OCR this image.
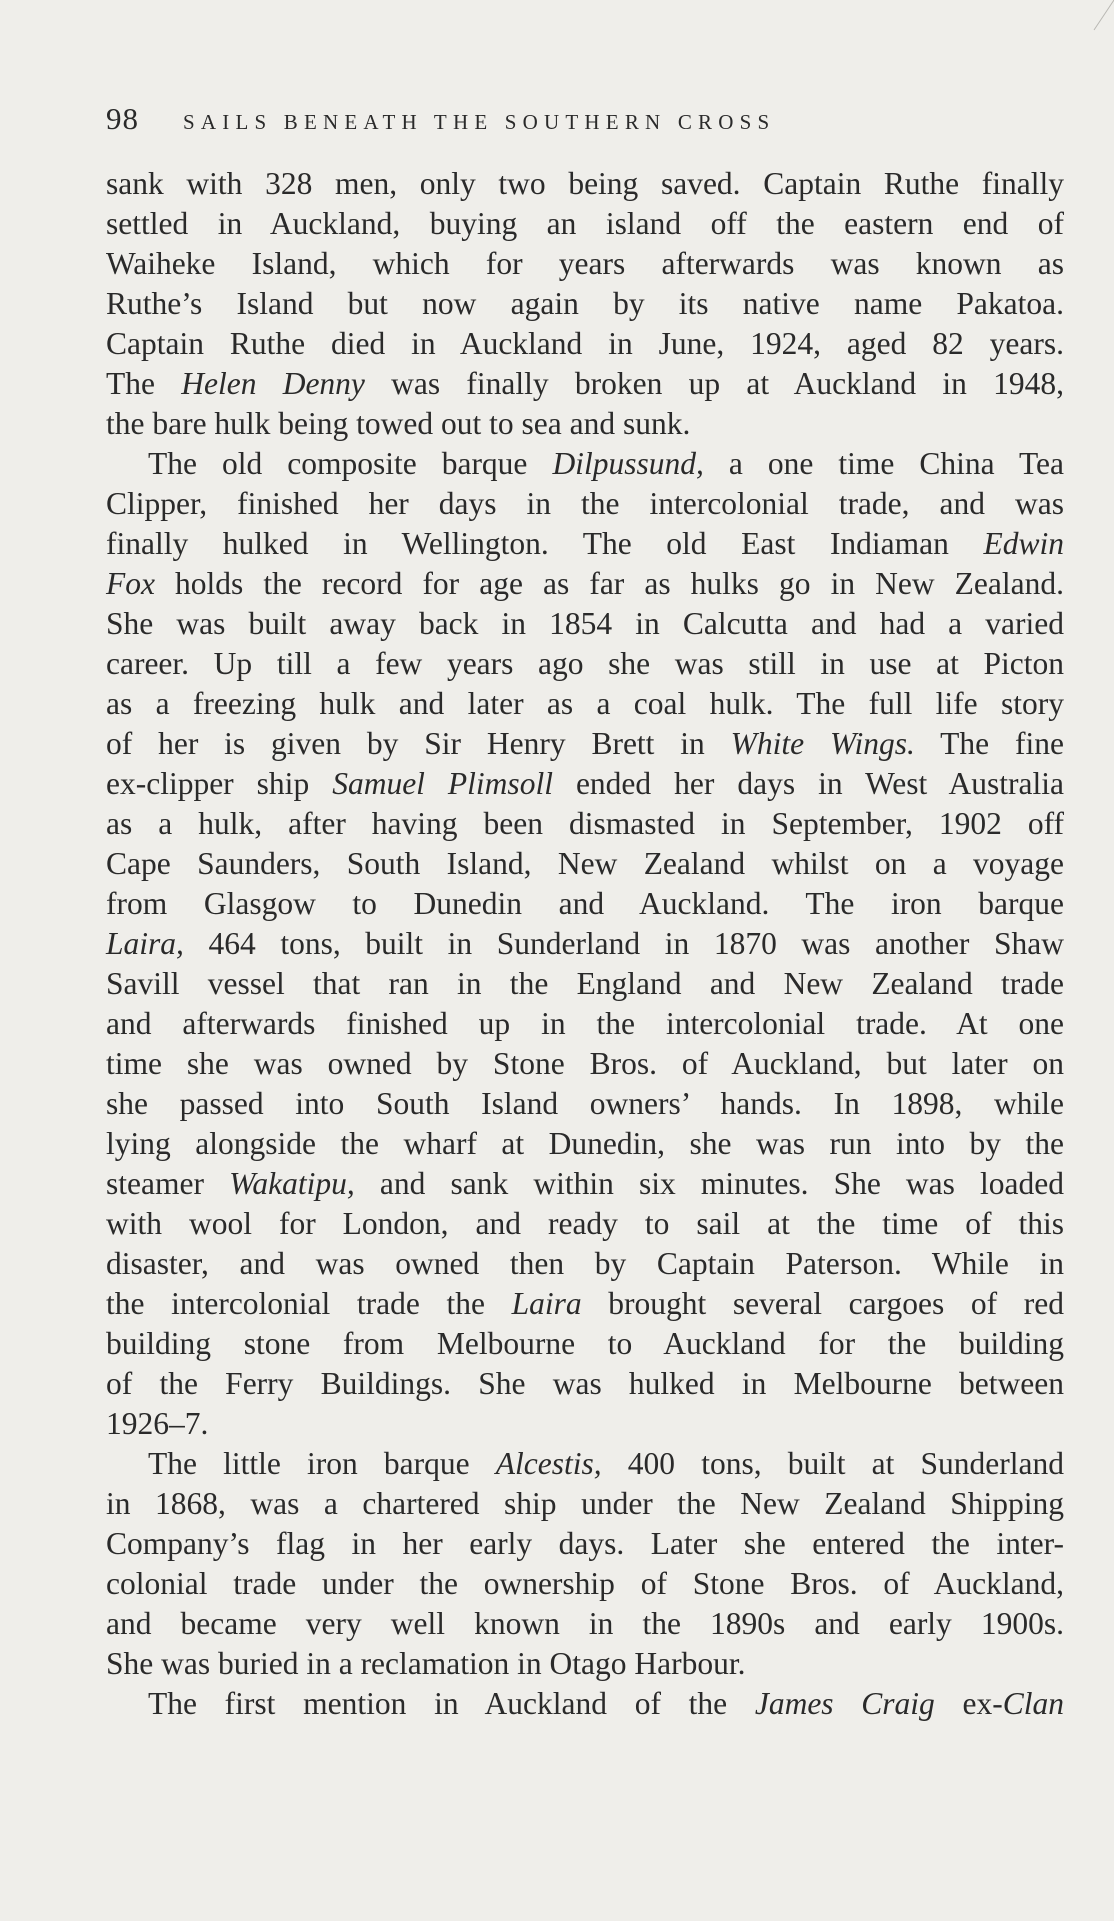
98 SAILS BENEATH THE SOUTHERN CROSS
sank with 328 men, only two being saved. Captain Ruthe finally
settled in Auckland, buying an island off the eastern end of
Waiheke Island, which for years afterwards was known as
Ruthe’s Island but now again by its native name Pakatoa.
Captain Ruthe died in Auckland in June, 1924, aged 82 years.
The Helen Denny was finally broken up at Auckland in 1948,
the bare hulk being towed out to sea and sunk.
The old composite barque Dilpussund, a one time China Tea
Clipper, finished her days in the intercolonial trade, and was
finally hulked in Wellington. The old East Indiaman Edwin
Fox holds the record for age as far as hulks go in New Zealand.
She was built away back in 1854 in Calcutta and had a varied
career. Up till a few years ago she was still in use at Picton
as a freezing hulk and later as a coal hulk. The full life story
of her is given by Sir Henry Brett in White Wings. The fine
ex-clipper ship Samuel Plimsoll ended her days in West Australia
as a hulk, after having been dismasted in September, 1902 off
Cape Saunders, South Island, New Zealand whilst on a voyage
from Glasgow to Dunedin and Auckland. The iron barque
Laira, 464 tons, built in Sunderland in 1870 was another Shaw
Savill vessel that ran in the England and New Zealand trade
and afterwards finished up in the intercolonial trade. At one
time she was owned by Stone Bros. of Auckland, but later on
she passed into South Island owners’ hands. In 1898, while
lying alongside the wharf at Dunedin, she was run into by the
steamer Wakatipu, and sank within six minutes. She was loaded
with wool for London, and ready to sail at the time of this
disaster, and was owned then by Captain Paterson. While in
the intercolonial trade the Laira brought several cargoes of red
building stone from Melbourne to Auckland for the building
of the Ferry Buildings. She was hulked in Melbourne between
1926–7.
The little iron barque Alcestis, 400 tons, built at Sunderland
in 1868, was a chartered ship under the New Zealand Shipping
Company’s flag in her early days. Later she entered the inter-
colonial trade under the ownership of Stone Bros. of Auckland,
and became very well known in the 1890s and early 1900s.
She was buried in a reclamation in Otago Harbour.
The first mention in Auckland of the James Craig ex-Clan
